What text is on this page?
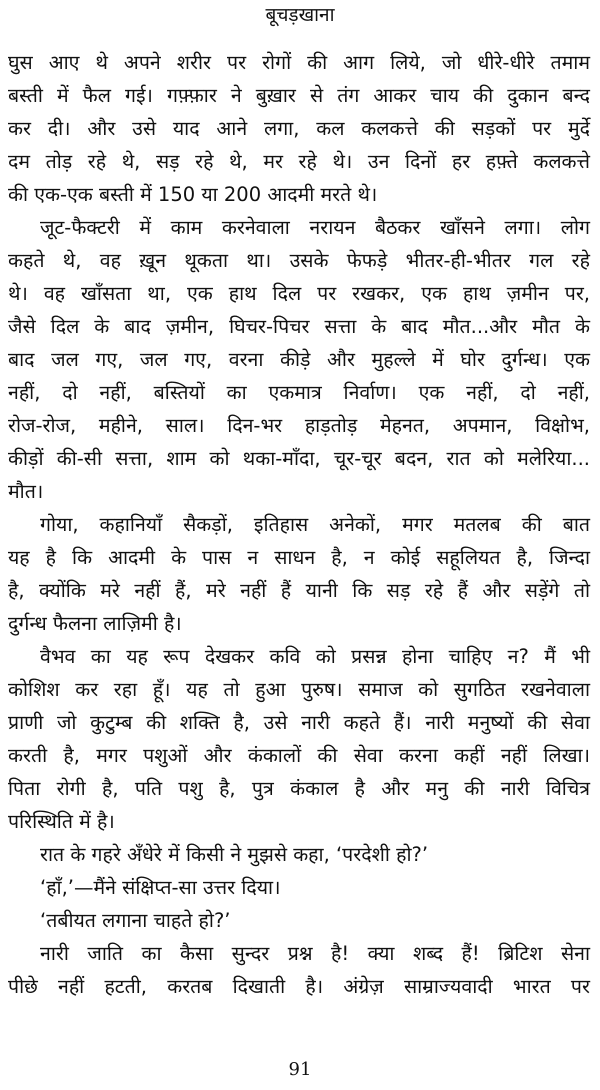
बूचड़खाना
घुस आए थे अपने शरीर पर रोगों की आग लिये, जो धीरे-धीरे तमाम
बस्ती में फैल गई। गफ़्फ़ार ने बुख़ार से तंग आकर चाय की दुकान बन्द
कर दी। और उसे याद आने लगा, कल कलकत्ते की सड़कों पर मुर्दे
दम तोड़ रहे थे, सड़ रहे थे, मर रहे थे। उन दिनों हर हफ़्ते कलकत्ते
की एक-एक बस्ती में 150 या 200 आदमी मरते थे।
जूट-फैक्टरी में काम करनेवाला नरायन बैठकर खाँसने लगा। लोग
कहते थे, वह ख़ून थूकता था। उसके फेफड़े भीतर-ही-भीतर गल रहे
थे। वह खाँसता था, एक हाथ दिल पर रखकर, एक हाथ ज़मीन पर,
जैसे दिल के बाद ज़मीन, घिचर-पिचर सत्ता के बाद मौत...और मौत के
बाद जल गए, जल गए, वरना कीड़े और मुहल्ले में घोर दुर्गन्ध। एक
नहीं, दो नहीं, बस्तियों का एकमात्र निर्वाण। एक नहीं, दो नहीं,
रोज-रोज, महीने, साल। दिन-भर हाड़तोड़ मेहनत, अपमान, विक्षोभ,
कीड़ों की-सी सत्ता, शाम को थका-माँदा, चूर-चूर बदन, रात को मलेरिया...
मौत।
गोया, कहानियाँ सैकड़ों, इतिहास अनेकों, मगर मतलब की बात
यह है कि आदमी के पास न साधन है, न कोई सहूलियत है, जिन्दा
है, क्योंकि मरे नहीं हैं, मरे नहीं हैं यानी कि सड़ रहे हैं और सड़ेंगे तो
दुर्गन्ध फैलना लाज़िमी है।
वैभव का यह रूप देखकर कवि को प्रसन्न होना चाहिए न? मैं भी
कोशिश कर रहा हूँ। यह तो हुआ पुरुष। समाज को सुगठित रखनेवाला
प्राणी जो कुटुम्ब की शक्ति है, उसे नारी कहते हैं। नारी मनुष्यों की सेवा
करती है, मगर पशुओं और कंकालों की सेवा करना कहीं नहीं लिखा।
पिता रोगी है, पति पशु है, पुत्र कंकाल है और मनु की नारी विचित्र
परिस्थिति में है।
रात के गहरे अँधेरे में किसी ने मुझसे कहा, ‘परदेशी हो?’
‘हाँ,’—मैंने संक्षिप्त-सा उत्तर दिया।
‘तबीयत लगाना चाहते हो?’
नारी जाति का कैसा सुन्दर प्रश्न है! क्या शब्द हैं! ब्रिटिश सेना
पीछे नहीं हटती, करतब दिखाती है। अंग्रेज़ साम्राज्यवादी भारत पर
91
